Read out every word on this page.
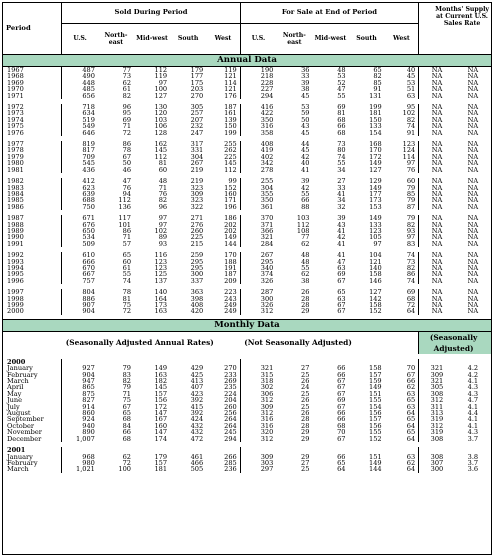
Period	Sold During Period					For Sale at End of Period					Months' Supply at Current U.S. Sales Rate
	U.S.	North-east	Mid-west	South	West	U.S.	North-east	Mid-west	South	West	
Annual Data
1967	487	77	112	179	119	190	36	48	65	40	NA	NA
1968	490	73	119	177	121	218	33	53	82	45	NA	NA
1969	448	62	97	175	114	228	39	52	85	53	NA	NA
1970	485	61	100	203	121	227	38	47	91	51	NA	NA
1971	656	82	127	270	176	294	45	55	131	63	NA	NA

1972	718	96	130	305	187	416	53	69	199	95	NA	NA
1973	634	95	120	257	161	422	59	81	181	102	NA	NA
1974	519	69	103	207	139	350	50	68	150	82	NA	NA
1975	549	71	106	232	150	316	43	66	133	74	NA	NA
1976	646	72	128	247	199	358	45	68	154	91	NA	NA

1977	819	86	162	317	255	408	44	73	168	123	NA	NA
1978	817	78	145	331	262	419	45	80	170	124	NA	NA
1979	709	67	112	304	225	402	42	74	172	114	NA	NA
1980	545	50	81	267	145	342	40	55	149	97	NA	NA
1981	436	46	60	219	112	278	41	34	127	76	NA	NA

1982	412	47	48	219	99	255	39	27	129	60	NA	NA
1983	623	76	71	323	152	304	42	33	149	79	NA	NA
1984	639	94	76	309	160	355	55	41	177	85	NA	NA
1985	688	112	82	323	171	350	66	34	173	79	NA	NA
1986	750	136	96	322	196	361	88	32	153	87	NA	NA

1987	671	117	97	271	186	370	103	39	149	79	NA	NA
1988	676	101	97	276	202	371	112	43	133	82	NA	NA
1989	650	86	102	260	202	366	108	41	123	93	NA	NA
1990	534	71	89	225	149	321	77	42	105	97	NA	NA
1991	509	57	93	215	144	284	62	41	97	83	NA	NA

1992	610	65	116	259	170	267	48	41	104	74	NA	NA
1993	666	60	123	295	188	295	48	47	121	73	NA	NA
1994	670	61	123	295	191	340	55	63	140	82	NA	NA
1995	667	55	125	300	187	374	62	69	158	86	NA	NA
1996	757	74	137	337	209	326	38	67	146	74	NA	NA

1997	804	78	140	363	223	287	26	65	127	69	NA	NA
1998	886	81	164	398	243	300	28	63	142	68	NA	NA
1999	907	75	173	408	249	326	28	67	158	72	NA	NA
2000	904	72	163	420	249	312	29	67	152	64	NA	NA
Monthly Data
	(Seasonally Adjusted Annual Rates)					(Not Seasonally Adjusted)					(Seasonally
Adjusted)	

2000												
January	927	79	149	429	270	321	27	66	158	70	321	4.2
February	904	83	163	425	233	315	25	66	157	67	309	4.2
March	947	82	182	413	269	318	26	67	159	66	321	4.1
April	865	79	145	407	235	302	24	67	149	62	305	4.3
May	875	71	157	423	224	306	25	67	151	63	308	4.3
June	827	75	156	392	204	312	26	69	155	65	312	4.7
July	914	67	172	415	260	309	25	67	154	63	311	4.1
August	860	65	147	392	256	312	26	66	156	64	313	4.4
September	924	68	167	424	264	316	28	66	157	65	319	4.1
October	940	84	160	432	264	316	28	68	156	64	312	4.1
November	890	66	147	432	245	320	29	70	155	65	319	4.3
December	1,007	68	174	472	294	312	29	67	152	64	308	3.7

2001												
January	968	62	179	461	266	309	29	66	151	63	308	3.8
February	980	72	157	466	285	303	27	65	149	62	307	3.7
March	1,021	100	181	505	236	297	25	64	144	64	300	3.6
